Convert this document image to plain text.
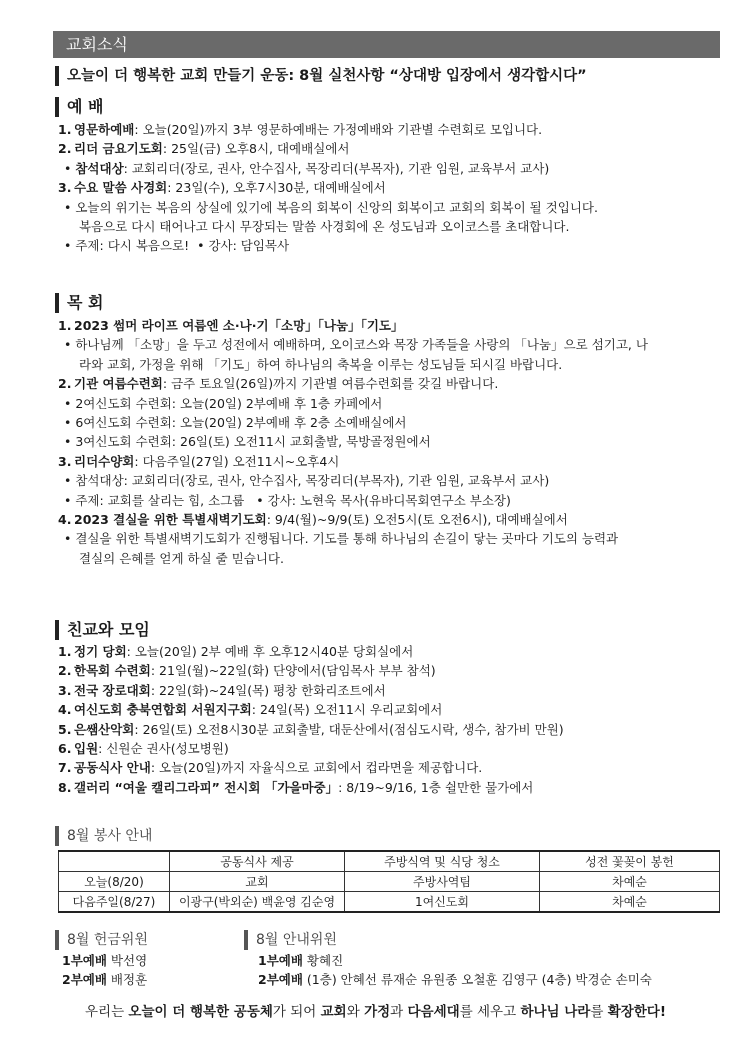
교회소식
오늘이 더 행복한 교회 만들기 운동: 8월 실천사항 “상대방 입장에서 생각합시다”
예 배
1. 영문하예배: 오늘(20일)까지 3부 영문하예배는 가정예배와 기관별 수련회로 모입니다.
2. 리더 금요기도회: 25일(금) 오후8시, 대예배실에서
• 참석대상: 교회리더(장로, 권사, 안수집사, 목장리더(부목자), 기관 임원, 교육부서 교사)
3. 수요 말씀 사경회: 23일(수), 오후7시30분, 대예배실에서
• 오늘의 위기는 복음의 상실에 있기에 복음의 회복이 신앙의 회복이고 교회의 회복이 될 것입니다.
복음으로 다시 태어나고 다시 무장되는 말씀 사경회에 온 성도님과 오이코스를 초대합니다.
• 주제: 다시 복음으로!  • 강사: 담임목사
목 회
1. 2023 썸머 라이프 여름엔 소·나·기「소망」「나눔」「기도」
• 하나님께 「소망」을 두고 성전에서 예배하며, 오이코스와 목장 가족들을 사랑의 「나눔」으로 섬기고, 나
라와 교회, 가정을 위해 「기도」하여 하나님의 축복을 이루는 성도님들 되시길 바랍니다.
2. 기관 여름수련회: 금주 토요일(26일)까지 기관별 여름수련회를 갖길 바랍니다.
• 2여신도회 수련회: 오늘(20일) 2부예배 후 1층 카페에서
• 6여신도회 수련회: 오늘(20일) 2부예배 후 2층 소예배실에서
• 3여신도회 수련회: 26일(토) 오전11시 교회출발, 묵방골정원에서
3. 리더수양회: 다음주일(27일) 오전11시~오후4시
• 참석대상: 교회리더(장로, 권사, 안수집사, 목장리더(부목자), 기관 임원, 교육부서 교사)
• 주제: 교회를 살리는 힘, 소그룹   • 강사: 노현욱 목사(유바디목회연구소 부소장)
4. 2023 결실을 위한 특별새벽기도회: 9/4(월)~9/9(토) 오전5시(토 오전6시), 대예배실에서
• 결실을 위한 특별새벽기도회가 진행됩니다. 기도를 통해 하나님의 손길이 닿는 곳마다 기도의 능력과
결실의 은혜를 얻게 하실 줄 믿습니다.
친교와 모임
1. 정기 당회: 오늘(20일) 2부 예배 후 오후12시40분 당회실에서
2. 한목회 수련회: 21일(월)~22일(화) 단양에서(담임목사 부부 참석)
3. 전국 장로대회: 22일(화)~24일(목) 평창 한화리조트에서
4. 여신도회 충북연합회 서원지구회: 24일(목) 오전11시 우리교회에서
5. 은쌤산악회: 26일(토) 오전8시30분 교회출발, 대둔산에서(점심도시락, 생수, 참가비 만원)
6. 입원: 신원순 권사(성모병원)
7. 공동식사 안내: 오늘(20일)까지 자율식으로 교회에서 컵라면을 제공합니다.
8. 갤러리 “여울 캘리그라피” 전시회 「가을마중」: 8/19~9/16, 1층 쉴만한 물가에서
8월 봉사 안내
	공동식사 제공	주방식역 및 식당 청소	성전 꽃꽂이 봉헌
오늘(8/20)	교회	주방사역팀	차예순
다음주일(8/27)	이광구(박외순) 백윤영 김순영	1여신도회	차예순
8월 헌금위원
1부예배 박선영
2부예배 배정훈
8월 안내위원
1부예배 황혜진
2부예배 (1층) 안혜선 류재순 유원종 오철훈 김영구 (4층) 박경순 손미숙
우리는 오늘이 더 행복한 공동체가 되어 교회와 가정과 다음세대를 세우고 하나님 나라를 확장한다!
